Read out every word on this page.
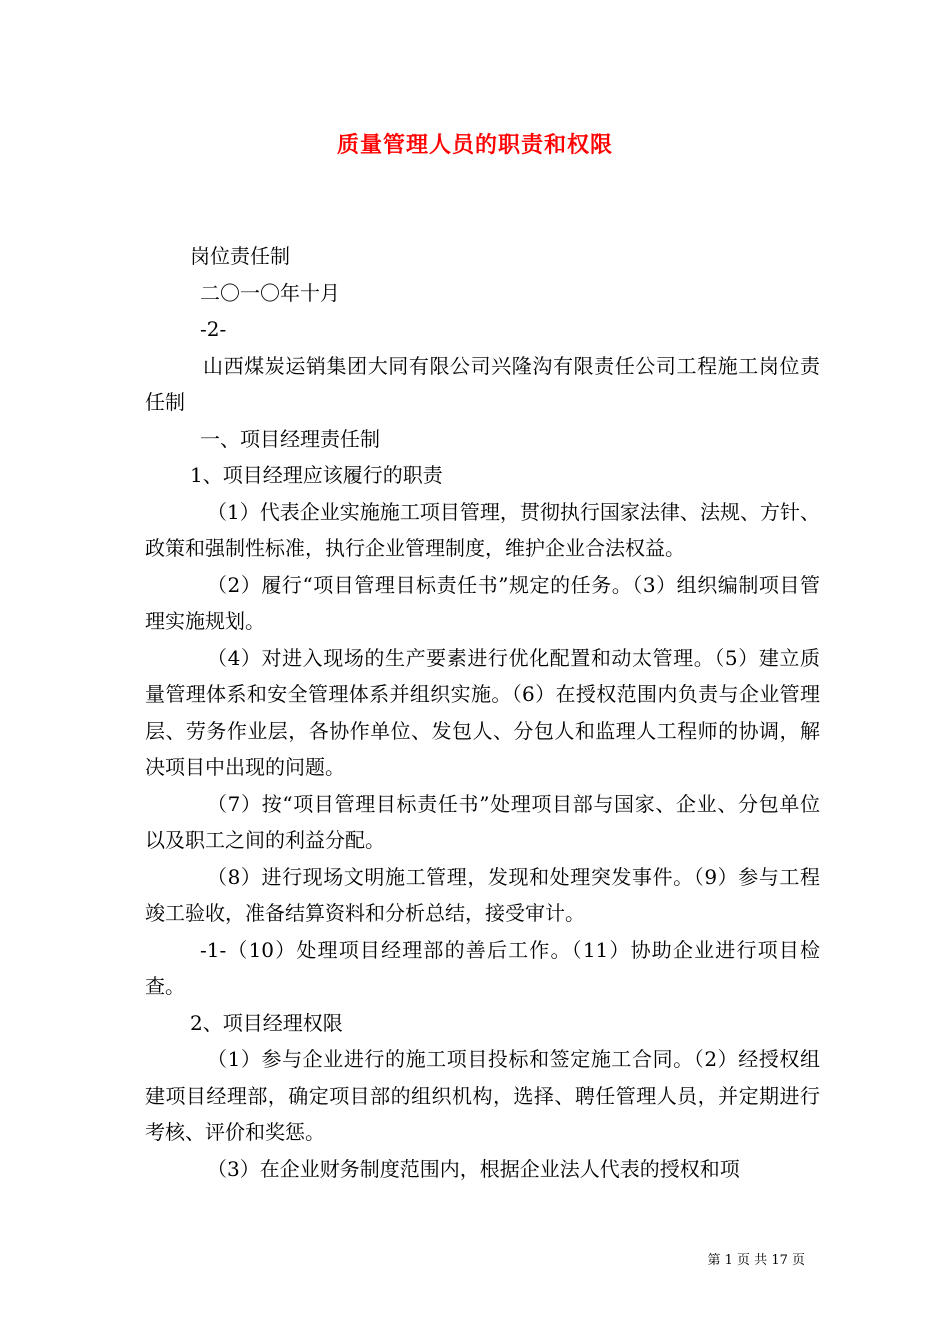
质量管理人员的职责和权限

岗位责任制

二〇一〇年十月

-2-

山西煤炭运销集团大同有限公司兴隆沟有限责任公司工程施工岗位责任制

一、项目经理责任制

1、项目经理应该履行的职责

（1）代表企业实施施工项目管理，贯彻执行国家法律、法规、方针、政策和强制性标准，执行企业管理制度，维护企业合法权益。

（2）履行“项目管理目标责任书”规定的任务。（3）组织编制项目管理实施规划。

（4）对进入现场的生产要素进行优化配置和动太管理。（5）建立质量管理体系和安全管理体系并组织实施。（6）在授权范围内负责与企业管理层、劳务作业层，各协作单位、发包人、分包人和监理人工程师的协调，解决项目中出现的问题。

（7）按“项目管理目标责任书”处理项目部与国家、企业、分包单位以及职工之间的利益分配。

（8）进行现场文明施工管理，发现和处理突发事件。（9）参与工程竣工验收，准备结算资料和分析总结，接受审计。

-1-（10）处理项目经理部的善后工作。（11）协助企业进行项目检查。

2、项目经理权限

（1）参与企业进行的施工项目投标和签定施工合同。（2）经授权组建项目经理部，确定项目部的组织机构，选择、聘任管理人员，并定期进行考核、评价和奖惩。

（3）在企业财务制度范围内，根据企业法人代表的授权和项

第 1 页 共 17 页
